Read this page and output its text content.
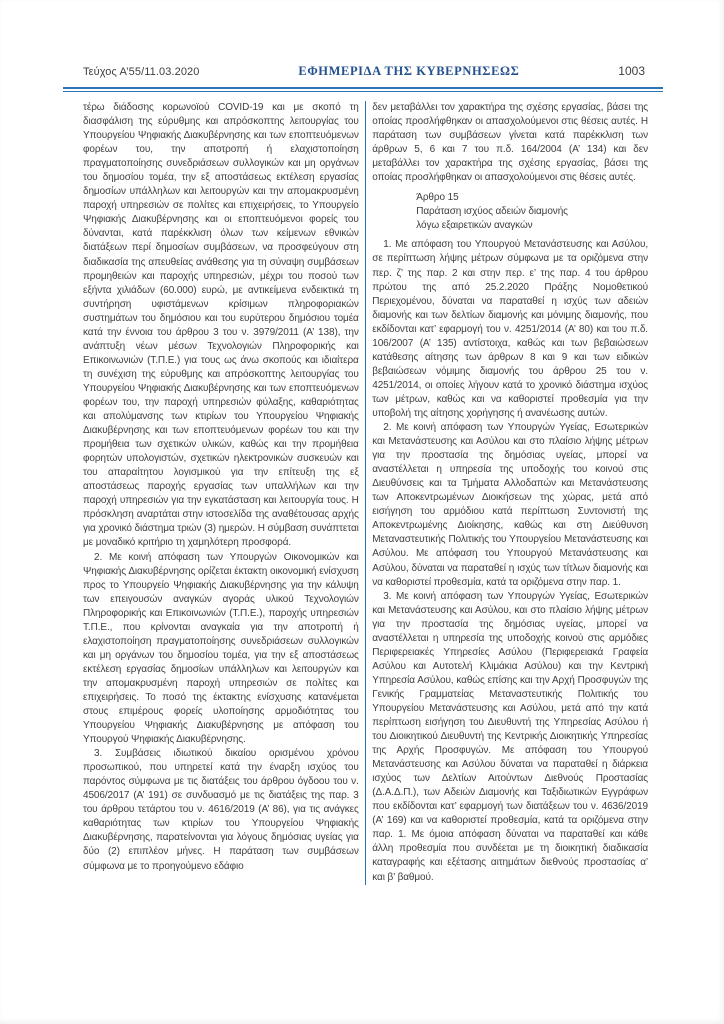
Τεύχος Α’55/11.03.2020	ΕΦΗΜΕΡΙΔΑ ΤΗΣ ΚΥΒΕΡΝΗΣΕΩΣ	1003

τέρω διάδοσης κορωνοϊού COVID-19 και με σκοπό τη διασφάλιση της εύρυθμης και απρόσκοπτης λειτουργίας του Υπουργείου Ψηφιακής Διακυβέρνησης και των εποπτευόμενων φορέων του, την αποτροπή ή ελαχιστοποίηση πραγματοποίησης συνεδριάσεων συλλογικών και μη οργάνων του δημοσίου τομέα, την εξ αποστάσεως εκτέλεση εργασίας δημοσίων υπάλληλων και λειτουργών και την απομακρυσμένη παροχή υπηρεσιών σε πολίτες και επιχειρήσεις, το Υπουργείο Ψηφιακής Διακυβέρνησης και οι εποπτευόμενοι φορείς του δύνανται, κατά παρέκκλιση όλων των κείμενων εθνικών διατάξεων περί δημοσίων συμβάσεων, να προσφεύγουν στη διαδικασία της απευθείας ανάθεσης για τη σύναψη συμβάσεων προμηθειών και παροχής υπηρεσιών, μέχρι του ποσού των εξήντα χιλιάδων (60.000) ευρώ, με αντικείμενα ενδεικτικά τη συντήρηση υφιστάμενων κρίσιμων πληροφοριακών συστημάτων του δημόσιου και του ευρύτερου δημόσιου τομέα κατά την έννοια του άρθρου 3 του ν. 3979/2011 (Α’ 138), την ανάπτυξη νέων μέσων Τεχνολογιών Πληροφορικής και Επικοινωνιών (Τ.Π.Ε.) για τους ως άνω σκοπούς και ιδιαίτερα τη συνέχιση της εύρυθμης και απρόσκοπτης λειτουργίας του Υπουργείου Ψηφιακής Διακυβέρνησης και των εποπτευόμενων φορέων του, την παροχή υπηρεσιών φύλαξης, καθαριότητας και απολύμανσης των κτιρίων του Υπουργείου Ψηφιακής Διακυβέρνησης και των εποπτευόμενων φορέων του και την προμήθεια των σχετικών υλικών, καθώς και την προμήθεια φορητών υπολογιστών, σχετικών ηλεκτρονικών συσκευών και του απαραίτητου λογισμικού για την επίτευξη της εξ αποστάσεως παροχής εργασίας των υπαλλήλων και την παροχή υπηρεσιών για την εγκατάσταση και λειτουργία τους. Η πρόσκληση αναρτάται στην ιστοσελίδα της αναθέτουσας αρχής για χρονικό διάστημα τριών (3) ημερών. Η σύμβαση συνάπτεται με μοναδικό κριτήριο τη χαμηλότερη προσφορά.

2. Με κοινή απόφαση των Υπουργών Οικονομικών και Ψηφιακής Διακυβέρνησης ορίζεται έκτακτη οικονομική ενίσχυση προς το Υπουργείο Ψηφιακής Διακυβέρνησης για την κάλυψη των επειγουσών αναγκών αγοράς υλικού Τεχνολογιών Πληροφορικής και Επικοινωνιών (Τ.Π.Ε.), παροχής υπηρεσιών Τ.Π.Ε., που κρίνονται αναγκαία για την αποτροπή ή ελαχιστοποίηση πραγματοποίησης συνεδριάσεων συλλογικών και μη οργάνων του δημοσίου τομέα, για την εξ αποστάσεως εκτέλεση εργασίας δημοσίων υπάλληλων και λειτουργών και την απομακρυσμένη παροχή υπηρεσιών σε πολίτες και επιχειρήσεις. Το ποσό της έκτακτης ενίσχυσης κατανέμεται στους επιμέρους φορείς υλοποίησης αρμοδιότητας του Υπουργείου Ψηφιακής Διακυβέρνησης με απόφαση του Υπουργού Ψηφιακής Διακυβέρνησης.

3. Συμβάσεις ιδιωτικού δικαίου ορισμένου χρόνου προσωπικού, που υπηρετεί κατά την έναρξη ισχύος του παρόντος σύμφωνα με τις διατάξεις του άρθρου όγδοου του ν. 4506/2017 (Α’ 191) σε συνδυασμό με τις διατάξεις της παρ. 3 του άρθρου τετάρτου του ν. 4616/2019 (Α’ 86), για τις ανάγκες καθαριότητας των κτιρίων του Υπουργείου Ψηφιακής Διακυβέρνησης, παρατείνονται για λόγους δημόσιας υγείας για δύο (2) επιπλέον μήνες. Η παράταση των συμβάσεων σύμφωνα με το προηγούμενο εδάφιο

δεν μεταβάλλει τον χαρακτήρα της σχέσης εργασίας, βάσει της οποίας προσλήφθηκαν οι απασχολούμενοι στις θέσεις αυτές. Η παράταση των συμβάσεων γίνεται κατά παρέκκλιση των άρθρων 5, 6 και 7 του π.δ. 164/2004 (Α’ 134) και δεν μεταβάλλει τον χαρακτήρα της σχέσης εργασίας, βάσει της οποίας προσλήφθηκαν οι απασχολούμενοι στις θέσεις αυτές.

Άρθρο 15
Παράταση ισχύος αδειών διαμονής
λόγω εξαιρετικών αναγκών

1. Με απόφαση του Υπουργού Μετανάστευσης και Ασύλου, σε περίπτωση λήψης μέτρων σύμφωνα με τα οριζόμενα στην περ. ζ’ της παρ. 2 και στην περ. ε’ της παρ. 4 του άρθρου πρώτου της από 25.2.2020 Πράξης Νομοθετικού Περιεχομένου, δύναται να παραταθεί η ισχύς των αδειών διαμονής και των δελτίων διαμονής και μόνιμης διαμονής, που εκδίδονται κατ’ εφαρμογή του ν. 4251/2014 (Α’ 80) και του π.δ. 106/2007 (Α’ 135) αντίστοιχα, καθώς και των βεβαιώσεων κατάθεσης αίτησης των άρθρων 8 και 9 και των ειδικών βεβαιώσεων νόμιμης διαμονής του άρθρου 25 του ν. 4251/2014, οι οποίες λήγουν κατά το χρονικό διάστημα ισχύος των μέτρων, καθώς και να καθοριστεί προθεσμία για την υποβολή της αίτησης χορήγησης ή ανανέωσης αυτών.

2. Με κοινή απόφαση των Υπουργών Υγείας, Εσωτερικών και Μετανάστευσης και Ασύλου και στο πλαίσιο λήψης μέτρων για την προστασία της δημόσιας υγείας, μπορεί να αναστέλλεται η υπηρεσία της υποδοχής του κοινού στις Διευθύνσεις και τα Τμήματα Αλλοδαπών και Μετανάστευσης των Αποκεντρωμένων Διοικήσεων της χώρας, μετά από εισήγηση του αρμόδιου κατά περίπτωση Συντονιστή της Αποκεντρωμένης Διοίκησης, καθώς και στη Διεύθυνση Μεταναστευτικής Πολιτικής του Υπουργείου Μετανάστευσης και Ασύλου. Με απόφαση του Υπουργού Μετανάστευσης και Ασύλου, δύναται να παραταθεί η ισχύς των τίτλων διαμονής και να καθοριστεί προθεσμία, κατά τα οριζόμενα στην παρ. 1.

3. Με κοινή απόφαση των Υπουργών Υγείας, Εσωτερικών και Μετανάστευσης και Ασύλου, και στο πλαίσιο λήψης μέτρων για την προστασία της δημόσιας υγείας, μπορεί να αναστέλλεται η υπηρεσία της υποδοχής κοινού στις αρμόδιες Περιφερειακές Υπηρεσίες Ασύλου (Περιφερειακά Γραφεία Ασύλου και Αυτοτελή Κλιμάκια Ασύλου) και την Κεντρική Υπηρεσία Ασύλου, καθώς επίσης και την Αρχή Προσφυγών της Γενικής Γραμματείας Μεταναστευτικής Πολιτικής του Υπουργείου Μετανάστευσης και Ασύλου, μετά από την κατά περίπτωση εισήγηση του Διευθυντή της Υπηρεσίας Ασύλου ή του Διοικητικού Διευθυντή της Κεντρικής Διοικητικής Υπηρεσίας της Αρχής Προσφυγών. Με απόφαση του Υπουργού Μετανάστευσης και Ασύλου δύναται να παραταθεί η διάρκεια ισχύος των Δελτίων Αιτούντων Διεθνούς Προστασίας (Δ.Α.Δ.Π.), των Αδειών Διαμονής και Ταξιδιωτικών Εγγράφων που εκδίδονται κατ’ εφαρμογή των διατάξεων του ν. 4636/2019 (Α’ 169) και να καθοριστεί προθεσμία, κατά τα οριζόμενα στην παρ. 1. Με όμοια απόφαση δύναται να παραταθεί και κάθε άλλη προθεσμία που συνδέεται με τη διοικητική διαδικασία καταγραφής και εξέτασης αιτημάτων διεθνούς προστασίας α’ και β’ βαθμού.
